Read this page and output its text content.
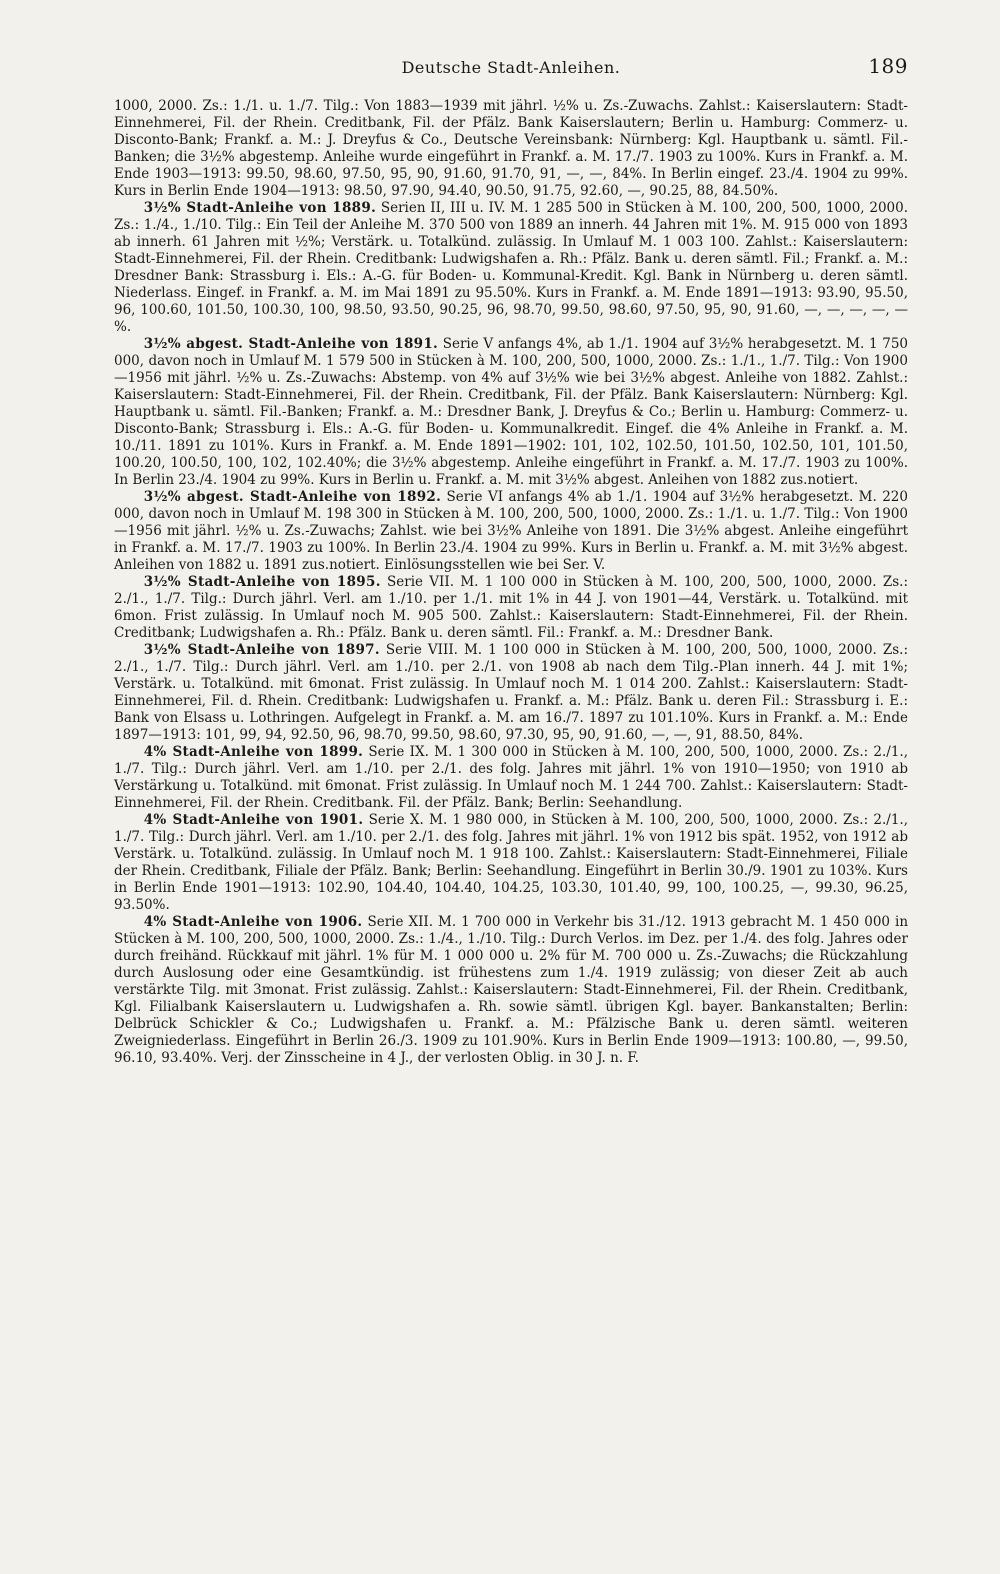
Deutsche Stadt-Anleihen.	189

1000, 2000. Zs.: 1./1. u. 1./7. Tilg.: Von 1883—1939 mit jährl. ½% u. Zs.-Zuwachs. Zahlst.: Kaiserslautern: Stadt-Einnehmerei, Fil. der Rhein. Creditbank, Fil. der Pfälz. Bank Kaiserslautern; Berlin u. Hamburg: Commerz- u. Disconto-Bank; Frankf. a. M.: J. Dreyfus & Co., Deutsche Vereinsbank: Nürnberg: Kgl. Hauptbank u. sämtl. Fil.-Banken; die 3½% abgestemp. Anleihe wurde eingeführt in Frankf. a. M. 17./7. 1903 zu 100%. Kurs in Frankf. a. M. Ende 1903—1913: 99.50, 98.60, 97.50, 95, 90, 91.60, 91.70, 91, —, —, 84%. In Berlin eingef. 23./4. 1904 zu 99%. Kurs in Berlin Ende 1904—1913: 98.50, 97.90, 94.40, 90.50, 91.75, 92.60, —, 90.25, 88, 84.50%.

3½% Stadt-Anleihe von 1889. Serien II, III u. IV. M. 1 285 500 in Stücken à M. 100, 200, 500, 1000, 2000. Zs.: 1./4., 1./10. Tilg.: Ein Teil der Anleihe M. 370 500 von 1889 an innerh. 44 Jahren mit 1%. M. 915 000 von 1893 ab innerh. 61 Jahren mit ½%; Verstärk. u. Totalkünd. zulässig. In Umlauf M. 1 003 100. Zahlst.: Kaiserslautern: Stadt-Einnehmerei, Fil. der Rhein. Creditbank: Ludwigshafen a. Rh.: Pfälz. Bank u. deren sämtl. Fil.; Frankf. a. M.: Dresdner Bank: Strassburg i. Els.: A.-G. für Boden- u. Kommunal-Kredit. Kgl. Bank in Nürnberg u. deren sämtl. Niederlass. Eingef. in Frankf. a. M. im Mai 1891 zu 95.50%. Kurs in Frankf. a. M. Ende 1891—1913: 93.90, 95.50, 96, 100.60, 101.50, 100.30, 100, 98.50, 93.50, 90.25, 96, 98.70, 99.50, 98.60, 97.50, 95, 90, 91.60, —, —, —, —, —%.

3½% abgest. Stadt-Anleihe von 1891. Serie V anfangs 4%, ab 1./1. 1904 auf 3½% herabgesetzt. M. 1 750 000, davon noch in Umlauf M. 1 579 500 in Stücken à M. 100, 200, 500, 1000, 2000. Zs.: 1./1., 1./7. Tilg.: Von 1900—1956 mit jährl. ½% u. Zs.-Zuwachs: Abstemp. von 4% auf 3½% wie bei 3½% abgest. Anleihe von 1882. Zahlst.: Kaiserslautern: Stadt-Einnehmerei, Fil. der Rhein. Creditbank, Fil. der Pfälz. Bank Kaiserslautern: Nürnberg: Kgl. Hauptbank u. sämtl. Fil.-Banken; Frankf. a. M.: Dresdner Bank, J. Dreyfus & Co.; Berlin u. Hamburg: Commerz- u. Disconto-Bank; Strassburg i. Els.: A.-G. für Boden- u. Kommunalkredit. Eingef. die 4% Anleihe in Frankf. a. M. 10./11. 1891 zu 101%. Kurs in Frankf. a. M. Ende 1891—1902: 101, 102, 102.50, 101.50, 102.50, 101, 101.50, 100.20, 100.50, 100, 102, 102.40%; die 3½% abgestemp. Anleihe eingeführt in Frankf. a. M. 17./7. 1903 zu 100%. In Berlin 23./4. 1904 zu 99%. Kurs in Berlin u. Frankf. a. M. mit 3½% abgest. Anleihen von 1882 zus.notiert.

3½% abgest. Stadt-Anleihe von 1892. Serie VI anfangs 4% ab 1./1. 1904 auf 3½% herabgesetzt. M. 220 000, davon noch in Umlauf M. 198 300 in Stücken à M. 100, 200, 500, 1000, 2000. Zs.: 1./1. u. 1./7. Tilg.: Von 1900—1956 mit jährl. ½% u. Zs.-Zuwachs; Zahlst. wie bei 3½% Anleihe von 1891. Die 3½% abgest. Anleihe eingeführt in Frankf. a. M. 17./7. 1903 zu 100%. In Berlin 23./4. 1904 zu 99%. Kurs in Berlin u. Frankf. a. M. mit 3½% abgest. Anleihen von 1882 u. 1891 zus.notiert. Einlösungsstellen wie bei Ser. V.

3½% Stadt-Anleihe von 1895. Serie VII. M. 1 100 000 in Stücken à M. 100, 200, 500, 1000, 2000. Zs.: 2./1., 1./7. Tilg.: Durch jährl. Verl. am 1./10. per 1./1. mit 1% in 44 J. von 1901—44, Verstärk. u. Totalkünd. mit 6mon. Frist zulässig. In Umlauf noch M. 905 500. Zahlst.: Kaiserslautern: Stadt-Einnehmerei, Fil. der Rhein. Creditbank; Ludwigshafen a. Rh.: Pfälz. Bank u. deren sämtl. Fil.: Frankf. a. M.: Dresdner Bank.

3½% Stadt-Anleihe von 1897. Serie VIII. M. 1 100 000 in Stücken à M. 100, 200, 500, 1000, 2000. Zs.: 2./1., 1./7. Tilg.: Durch jährl. Verl. am 1./10. per 2./1. von 1908 ab nach dem Tilg.-Plan innerh. 44 J. mit 1%; Verstärk. u. Totalkünd. mit 6monat. Frist zulässig. In Umlauf noch M. 1 014 200. Zahlst.: Kaiserslautern: Stadt-Einnehmerei, Fil. d. Rhein. Creditbank: Ludwigshafen u. Frankf. a. M.: Pfälz. Bank u. deren Fil.: Strassburg i. E.: Bank von Elsass u. Lothringen. Aufgelegt in Frankf. a. M. am 16./7. 1897 zu 101.10%. Kurs in Frankf. a. M.: Ende 1897—1913: 101, 99, 94, 92.50, 96, 98.70, 99.50, 98.60, 97.30, 95, 90, 91.60, —, —, 91, 88.50, 84%.

4% Stadt-Anleihe von 1899. Serie IX. M. 1 300 000 in Stücken à M. 100, 200, 500, 1000, 2000. Zs.: 2./1., 1./7. Tilg.: Durch jährl. Verl. am 1./10. per 2./1. des folg. Jahres mit jährl. 1% von 1910—1950; von 1910 ab Verstärkung u. Totalkünd. mit 6monat. Frist zulässig. In Umlauf noch M. 1 244 700. Zahlst.: Kaiserslautern: Stadt-Einnehmerei, Fil. der Rhein. Creditbank. Fil. der Pfälz. Bank; Berlin: Seehandlung.

4% Stadt-Anleihe von 1901. Serie X. M. 1 980 000, in Stücken à M. 100, 200, 500, 1000, 2000. Zs.: 2./1., 1./7. Tilg.: Durch jährl. Verl. am 1./10. per 2./1. des folg. Jahres mit jährl. 1% von 1912 bis spät. 1952, von 1912 ab Verstärk. u. Totalkünd. zulässig. In Umlauf noch M. 1 918 100. Zahlst.: Kaiserslautern: Stadt-Einnehmerei, Filiale der Rhein. Creditbank, Filiale der Pfälz. Bank; Berlin: Seehandlung. Eingeführt in Berlin 30./9. 1901 zu 103%. Kurs in Berlin Ende 1901—1913: 102.90, 104.40, 104.40, 104.25, 103.30, 101.40, 99, 100, 100.25, —, 99.30, 96.25, 93.50%.

4% Stadt-Anleihe von 1906. Serie XII. M. 1 700 000 in Verkehr bis 31./12. 1913 gebracht M. 1 450 000 in Stücken à M. 100, 200, 500, 1000, 2000. Zs.: 1./4., 1./10. Tilg.: Durch Verlos. im Dez. per 1./4. des folg. Jahres oder durch freihänd. Rückkauf mit jährl. 1% für M. 1 000 000 u. 2% für M. 700 000 u. Zs.-Zuwachs; die Rückzahlung durch Auslosung oder eine Gesamtkündig. ist frühestens zum 1./4. 1919 zulässig; von dieser Zeit ab auch verstärkte Tilg. mit 3monat. Frist zulässig. Zahlst.: Kaiserslautern: Stadt-Einnehmerei, Fil. der Rhein. Creditbank, Kgl. Filialbank Kaiserslautern u. Ludwigshafen a. Rh. sowie sämtl. übrigen Kgl. bayer. Bankanstalten; Berlin: Delbrück Schickler & Co.; Ludwigshafen u. Frankf. a. M.: Pfälzische Bank u. deren sämtl. weiteren Zweigniederlass. Eingeführt in Berlin 26./3. 1909 zu 101.90%. Kurs in Berlin Ende 1909—1913: 100.80, —, 99.50, 96.10, 93.40%. Verj. der Zinsscheine in 4 J., der verlosten Oblig. in 30 J. n. F.
